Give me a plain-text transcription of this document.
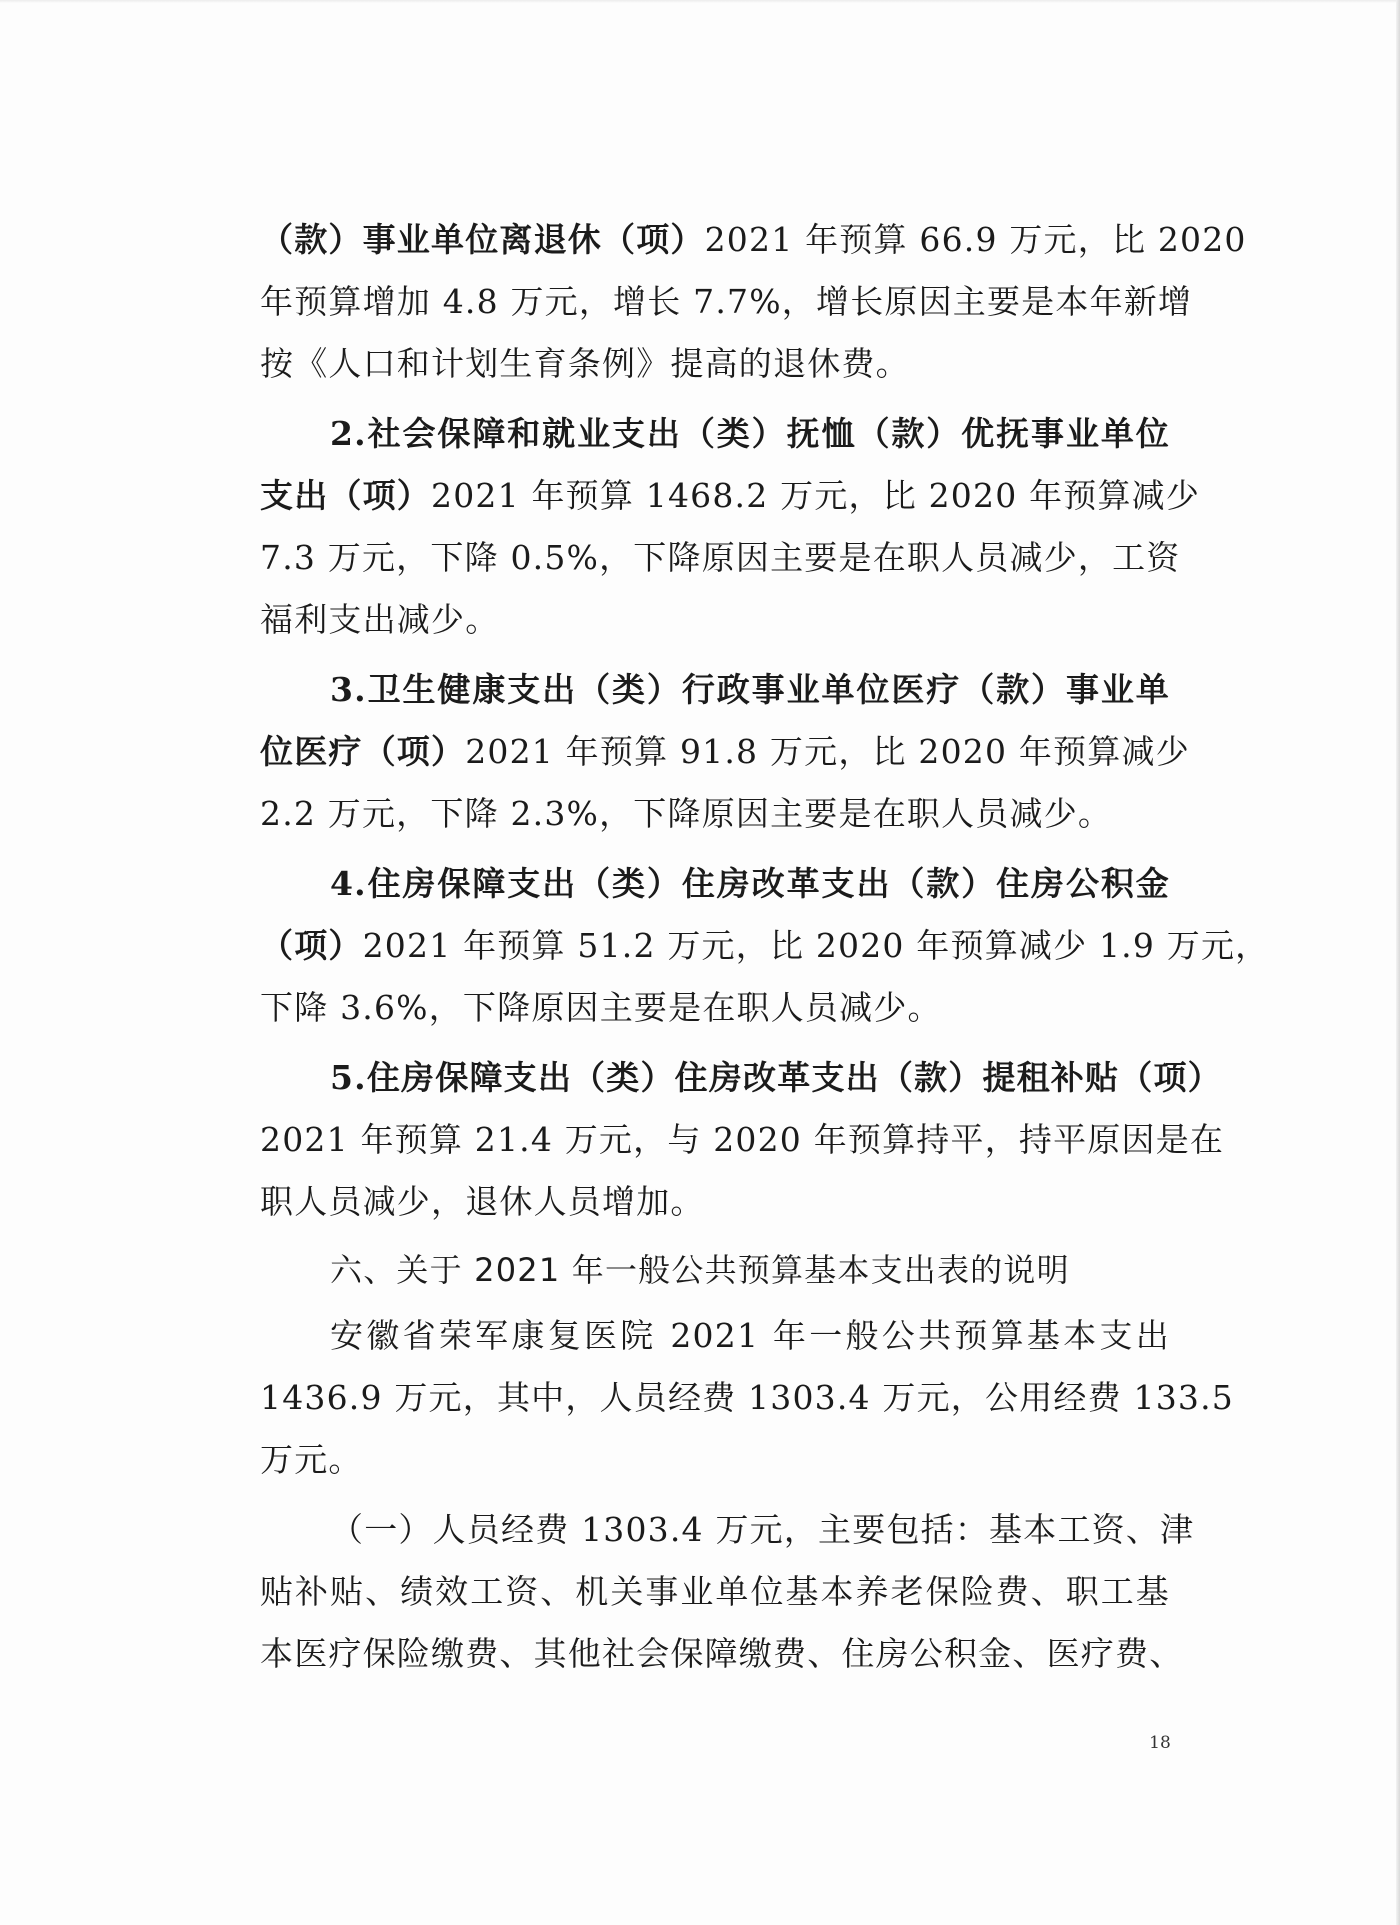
（款）事业单位离退休（项）2021 年预算 66.9 万元，比 2020
年预算增加 4.8 万元，增长 7.7%，增长原因主要是本年新增
按《人口和计划生育条例》提高的退休费。
2.社会保障和就业支出（类）抚恤（款）优抚事业单位
支出（项）2021 年预算 1468.2 万元，比 2020 年预算减少
7.3 万元，下降 0.5%，下降原因主要是在职人员减少，工资
福利支出减少。
3.卫生健康支出（类）行政事业单位医疗（款）事业单
位医疗（项）2021 年预算 91.8 万元，比 2020 年预算减少
2.2 万元，下降 2.3%，下降原因主要是在职人员减少。
4.住房保障支出（类）住房改革支出（款）住房公积金
（项）2021 年预算 51.2 万元，比 2020 年预算减少 1.9 万元，
下降 3.6%，下降原因主要是在职人员减少。
5.住房保障支出（类）住房改革支出（款）提租补贴（项）
2021 年预算 21.4 万元，与 2020 年预算持平，持平原因是在
职人员减少，退休人员增加。
六、关于 2021 年一般公共预算基本支出表的说明
安徽省荣军康复医院 2021 年一般公共预算基本支出
1436.9 万元，其中，人员经费 1303.4 万元，公用经费 133.5
万元。
（一）人员经费 1303.4 万元，主要包括：基本工资、津
贴补贴、绩效工资、机关事业单位基本养老保险费、职工基
本医疗保险缴费、其他社会保障缴费、住房公积金、医疗费、
18
